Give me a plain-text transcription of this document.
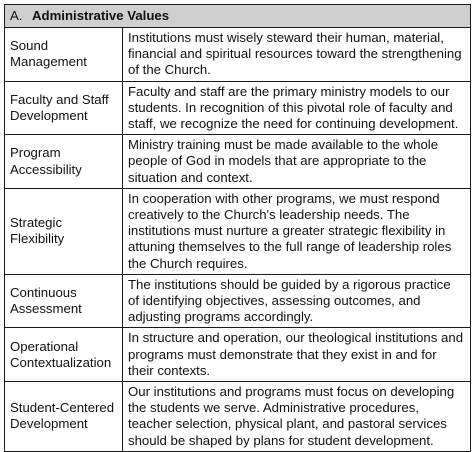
A. Administrative Values	
Sound Management	Institutions must wisely steward their human, material, financial and spiritual resources toward the strengthening of the Church.
Faculty and Staff Development	Faculty and staff are the primary ministry models to our students. In recognition of this pivotal role of faculty and staff, we recognize the need for continuing development.
Program Accessibility	Ministry training must be made available to the whole people of God in models that are appropriate to the situation and context.
Strategic Flexibility	In cooperation with other programs, we must respond creatively to the Church's leadership needs. The institutions must nurture a greater strategic flexibility in attuning themselves to the full range of leadership roles the Church requires.
Continuous Assessment	The institutions should be guided by a rigorous practice of identifying objectives, assessing outcomes, and adjusting programs accordingly.
Operational Contextualization	In structure and operation, our theological institutions and programs must demonstrate that they exist in and for their contexts.
Student-Centered Development	Our institutions and programs must focus on developing the students we serve. Administrative procedures, teacher selection, physical plant, and pastoral services should be shaped by plans for student development.
